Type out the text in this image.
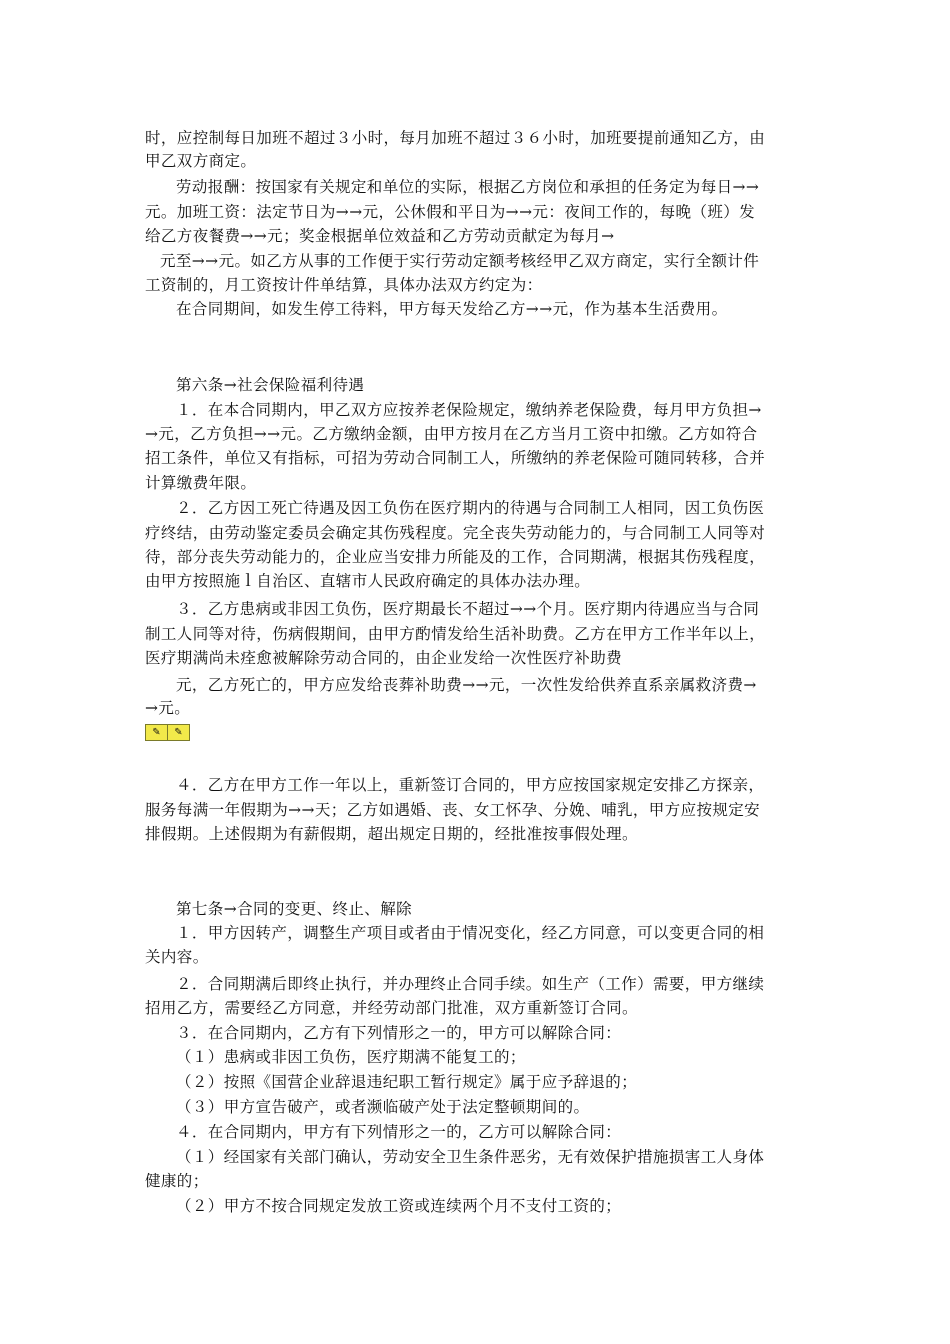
时，应控制每日加班不超过３小时，每月加班不超过３６小时，加班要提前通知乙方，由
甲乙双方商定。
劳动报酬：按国家有关规定和单位的实际，根据乙方岗位和承担的任务定为每日→→
元。加班工资：法定节日为→→元，公休假和平日为→→元：夜间工作的，每晚（班）发
给乙方夜餐费→→元；奖金根据单位效益和乙方劳动贡献定为每月→
元至→→元。如乙方从事的工作便于实行劳动定额考核经甲乙双方商定，实行全额计件
工资制的，月工资按计件单结算，具体办法双方约定为：
在合同期间，如发生停工待料，甲方每天发给乙方→→元，作为基本生活费用。
第六条→社会保险福利待遇
１．在本合同期内，甲乙双方应按养老保险规定，缴纳养老保险费，每月甲方负担→
→元，乙方负担→→元。乙方缴纳金额，由甲方按月在乙方当月工资中扣缴。乙方如符合
招工条件，单位又有指标，可招为劳动合同制工人，所缴纳的养老保险可随同转移，合并
计算缴费年限。
２．乙方因工死亡待遇及因工负伤在医疗期内的待遇与合同制工人相同，因工负伤医
疗终结，由劳动鉴定委员会确定其伤残程度。完全丧失劳动能力的，与合同制工人同等对
待，部分丧失劳动能力的，企业应当安排力所能及的工作，合同期满，根据其伤残程度，
由甲方按照施ｌ自治区、直辖市人民政府确定的具体办法办理。
３．乙方患病或非因工负伤，医疗期最长不超过→→个月。医疗期内待遇应当与合同
制工人同等对待，伤病假期间，由甲方酌情发给生活补助费。乙方在甲方工作半年以上，
医疗期满尚未痊愈被解除劳动合同的，由企业发给一次性医疗补助费
元，乙方死亡的，甲方应发给丧葬补助费→→元，一次性发给供养直系亲属救济费→
→元。
✎	✎
４．乙方在甲方工作一年以上，重新签订合同的，甲方应按国家规定安排乙方探亲，
服务每满一年假期为→→天；乙方如遇婚、丧、女工怀孕、分娩、哺乳，甲方应按规定安
排假期。上述假期为有薪假期，超出规定日期的，经批准按事假处理。
第七条→合同的变更、终止、解除
１．甲方因转产，调整生产项目或者由于情况变化，经乙方同意，可以变更合同的相
关内容。
２．合同期满后即终止执行，并办理终止合同手续。如生产（工作）需要，甲方继续
招用乙方，需要经乙方同意，并经劳动部门批准，双方重新签订合同。
３．在合同期内，乙方有下列情形之一的，甲方可以解除合同：
（１）患病或非因工负伤，医疗期满不能复工的；
（２）按照《国营企业辞退违纪职工暂行规定》属于应予辞退的；
（３）甲方宣告破产，或者濒临破产处于法定整顿期间的。
４．在合同期内，甲方有下列情形之一的，乙方可以解除合同：
（１）经国家有关部门确认，劳动安全卫生条件恶劣，无有效保护措施损害工人身体
健康的；
（２）甲方不按合同规定发放工资或连续两个月不支付工资的；
